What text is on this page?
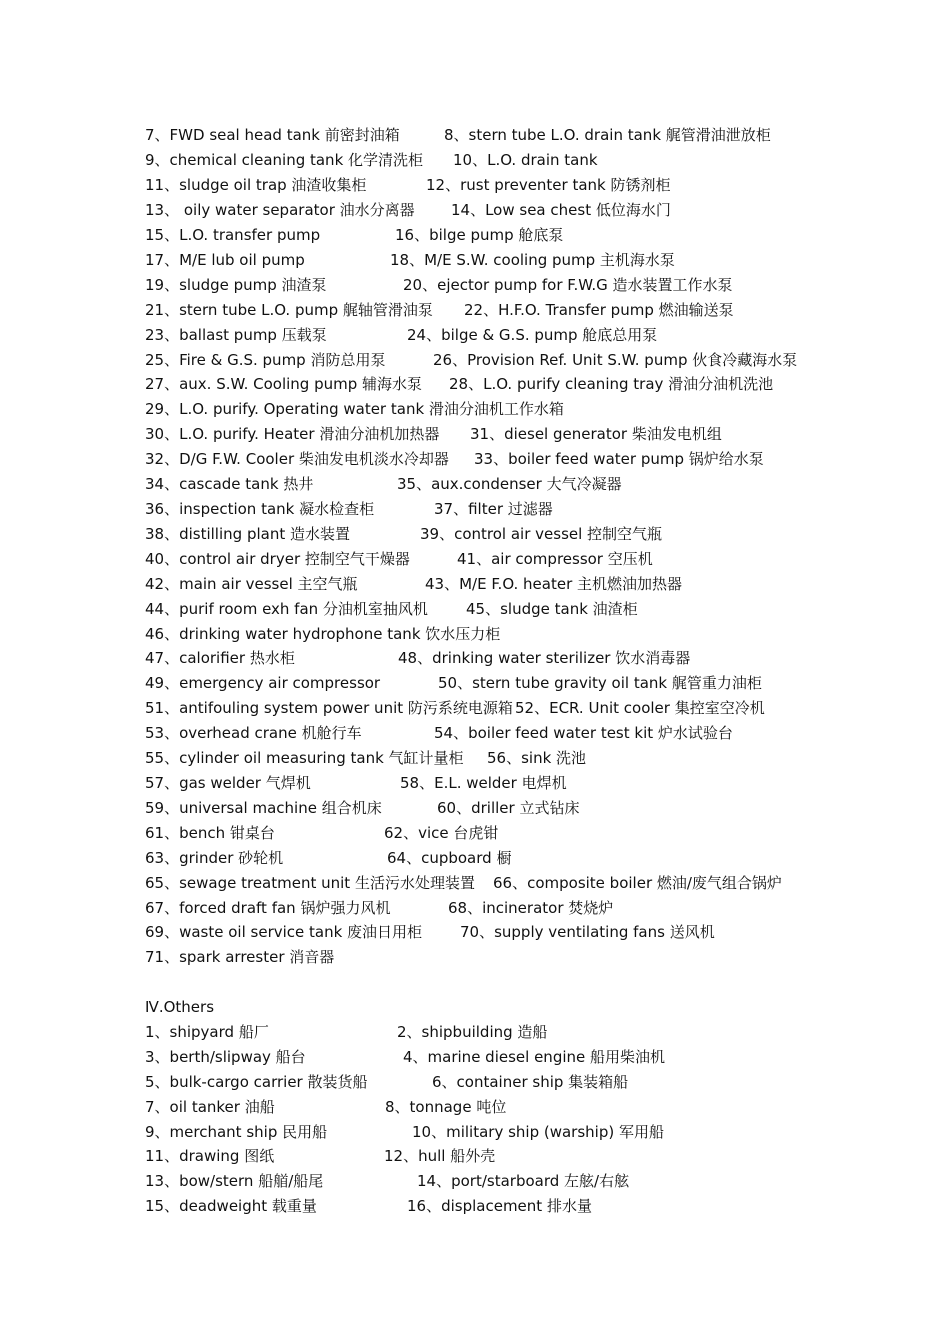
7、FWD seal head tank 前密封油箱	8、stern tube L.O. drain tank 艉管滑油泄放柜
9、chemical cleaning tank 化学清洗柜 10、L.O. drain tank
11、sludge oil trap 油渣收集柜	12、rust preventer tank 防锈剂柜
13、 oily water separator 油水分离器 14、Low sea chest 低位海水门
15、L.O. transfer pump	16、bilge pump 舱底泵
17、M/E lub oil pump	18、M/E S.W. cooling pump 主机海水泵
19、sludge pump 油渣泵	20、ejector pump for F.W.G 造水装置工作水泵
21、stern tube L.O. pump 艉轴管滑油泵 22、H.F.O. Transfer pump 燃油输送泵
23、ballast pump 压载泵	24、bilge & G.S. pump 舱底总用泵
25、Fire & G.S. pump 消防总用泵	26、Provision Ref. Unit S.W. pump 伙食冷藏海水泵
27、aux. S.W. Cooling pump 辅海水泵 28、L.O. purify cleaning tray 滑油分油机洗池
29、L.O. purify. Operating water tank 滑油分油机工作水箱
30、L.O. purify. Heater 滑油分油机加热器 31、diesel generator 柴油发电机组
32、D/G F.W. Cooler 柴油发电机淡水冷却器 33、boiler feed water pump 锅炉给水泵
34、cascade tank 热井	35、aux.condenser 大气冷凝器
36、inspection tank 凝水检查柜	37、filter 过滤器
38、distilling plant 造水装置	39、control air vessel 控制空气瓶
40、control air dryer 控制空气干燥器	41、air compressor 空压机
42、main air vessel 主空气瓶	43、M/E F.O. heater 主机燃油加热器
44、purif room exh fan 分油机室抽风机	45、sludge tank 油渣柜
46、drinking water hydrophone tank 饮水压力柜
47、calorifier 热水柜	48、drinking water sterilizer 饮水消毒器
49、emergency air compressor	50、stern tube gravity oil tank 艉管重力油柜
51、antifouling system power unit 防污系统电源箱 52、ECR. Unit cooler 集控室空冷机
53、overhead crane 机舱行车	54、boiler feed water test kit 炉水试验台
55、cylinder oil measuring tank 气缸计量柜 56、sink 洗池
57、gas welder 气焊机	58、E.L. welder 电焊机
59、universal machine 组合机床	60、driller 立式钻床
61、bench 钳桌台	62、vice 台虎钳
63、grinder 砂轮机	64、cupboard 橱
65、sewage treatment unit 生活污水处理装置 66、composite boiler 燃油/废气组合锅炉
67、forced draft fan 锅炉强力风机	68、incinerator 焚烧炉
69、waste oil service tank 废油日用柜	70、supply ventilating fans 送风机
71、spark arrester 消音器
Ⅳ.Others
1、shipyard 船厂	2、shipbuilding 造船
3、berth/slipway 船台	4、marine diesel engine 船用柴油机
5、bulk-cargo carrier 散装货船	6、container ship 集装箱船
7、oil tanker 油船	8、tonnage 吨位
9、merchant ship 民用船	10、military ship (warship) 军用船
11、drawing 图纸	12、hull 船外壳
13、bow/stern 船艏/船尾	14、port/starboard 左舷/右舷
15、deadweight 载重量	16、displacement 排水量
